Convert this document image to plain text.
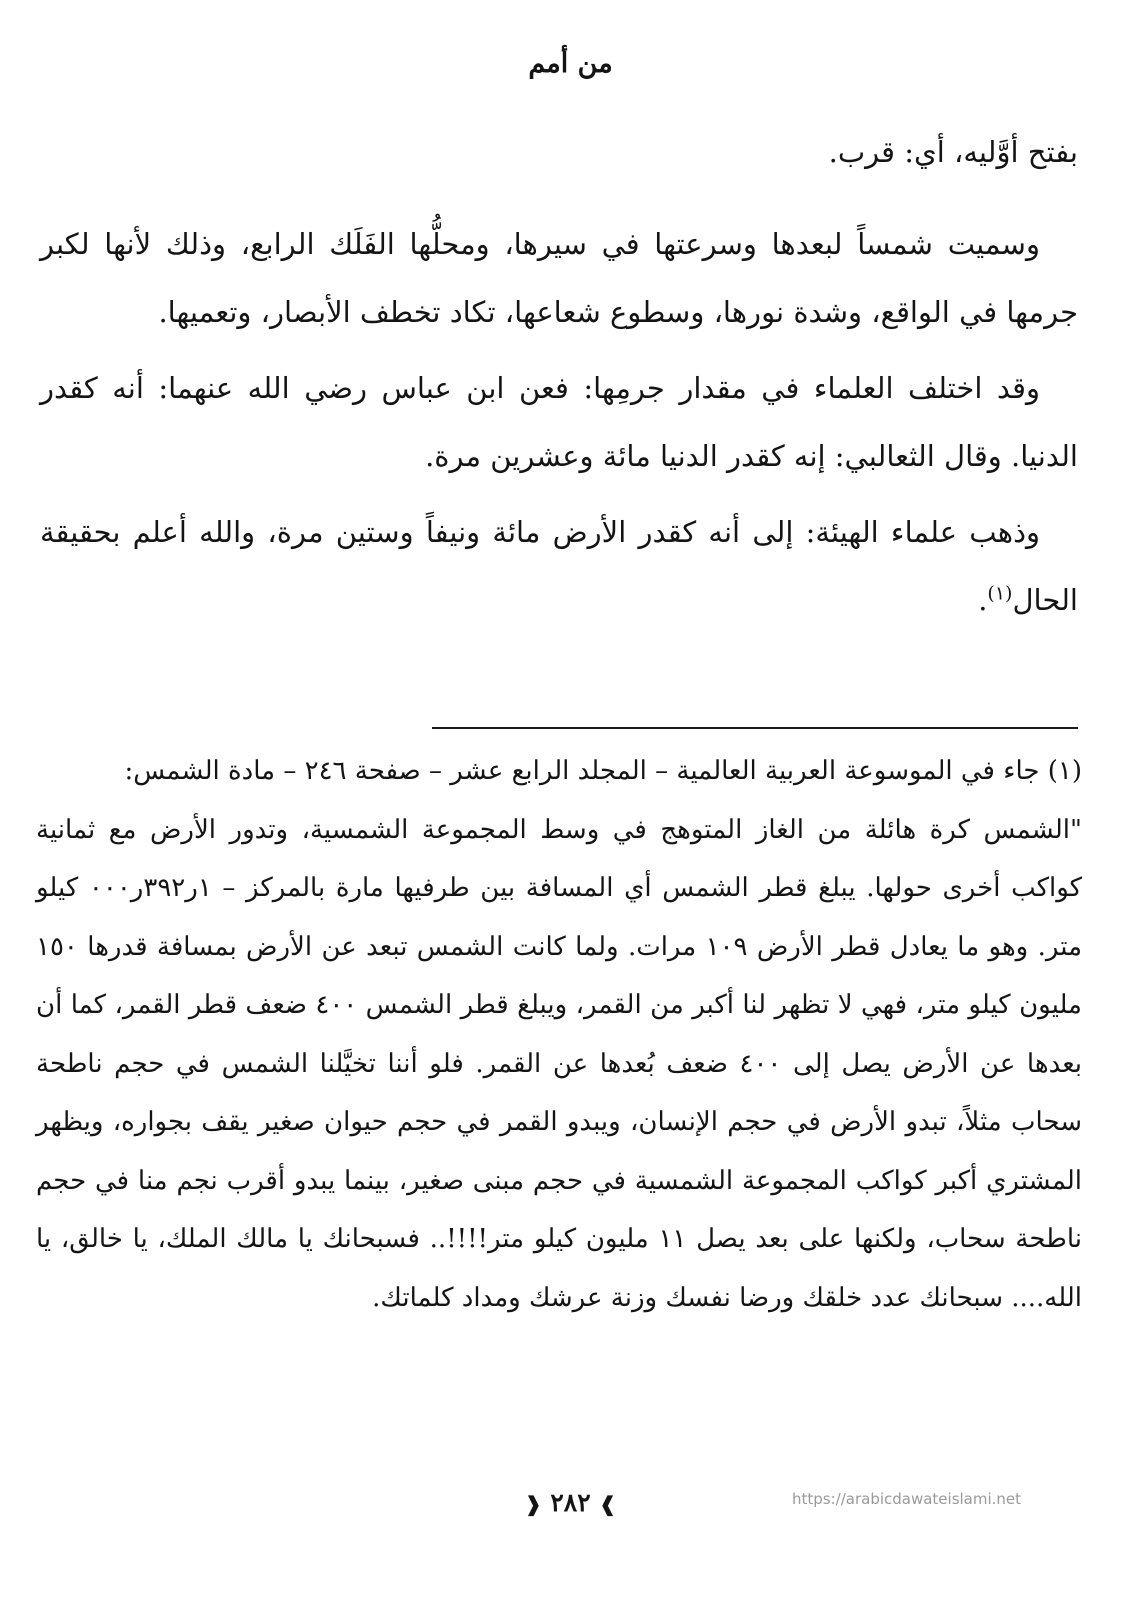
من أمم

بفتح أوَّليه، أي: قرب.

وسميت شمساً لبعدها وسرعتها في سيرها، ومحلُّها الفَلَك الرابع، وذلك لأنها لكبر جرمها في الواقع، وشدة نورها، وسطوع شعاعها، تكاد تخطف الأبصار، وتعميها.

وقد اختلف العلماء في مقدار جرمِها: فعن ابن عباس رضي الله عنهما: أنه كقدر الدنيا. وقال الثعالبي: إنه كقدر الدنيا مائة وعشرين مرة.

وذهب علماء الهيئة: إلى أنه كقدر الأرض مائة ونيفاً وستين مرة، والله أعلم بحقيقة الحال$^{(١)}$.

(١) جاء في الموسوعة العربية العالمية – المجلد الرابع عشر – صفحة ٢٤٦ – مادة الشمس:

"الشمس كرة هائلة من الغاز المتوهج في وسط المجموعة الشمسية، وتدور الأرض مع ثمانية كواكب أخرى حولها. يبلغ قطر الشمس أي المسافة بين طرفيها مارة بالمركز – ١ر٣٩٢ر٠٠٠ كيلو متر. وهو ما يعادل قطر الأرض ١٠٩ مرات. ولما كانت الشمس تبعد عن الأرض بمسافة قدرها ١٥٠ مليون كيلو متر، فهي لا تظهر لنا أكبر من القمر، ويبلغ قطر الشمس ٤٠٠ ضعف قطر القمر، كما أن بعدها عن الأرض يصل إلى ٤٠٠ ضعف بُعدها عن القمر. فلو أننا تخيَّلنا الشمس في حجم ناطحة سحاب مثلاً، تبدو الأرض في حجم الإنسان، ويبدو القمر في حجم حيوان صغير يقف بجواره، ويظهر المشتري أكبر كواكب المجموعة الشمسية في حجم مبنى صغير، بينما يبدو أقرب نجم منا في حجم ناطحة سحاب، ولكنها على بعد يصل ١١ مليون كيلو متر!!!!.. فسبحانك يا مالك الملك، يا خالق، يا الله.... سبحانك عدد خلقك ورضا نفسك وزنة عرشك ومداد كلماتك.

❱ ٢٨٢ ❰	https://arabicdawateislami.net
